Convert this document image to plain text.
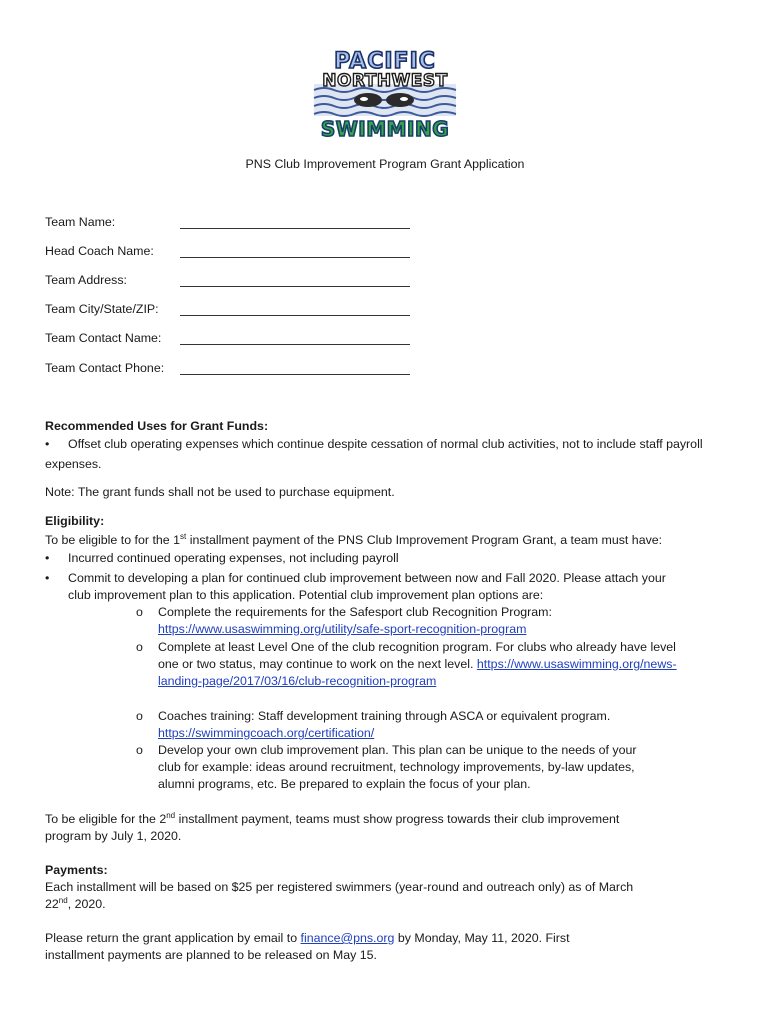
PACIFIC
NORTHWEST
SWIMMING
PNS Club Improvement Program Grant Application
Team Name:
Head Coach Name:
Team Address:
Team City/State/ZIP:
Team Contact Name:
Team Contact Phone:
Recommended Uses for Grant Funds:
• Offset club operating expenses which continue despite cessation of normal club activities, not to include staff payroll
expenses.
Note: The grant funds shall not be used to purchase equipment.
Eligibility:
To be eligible to for the 1st installment payment of the PNS Club Improvement Program Grant, a team must have:
• Incurred continued operating expenses, not including payroll
• Commit to developing a plan for continued club improvement between now and Fall 2020. Please attach your club improvement plan to this application. Potential club improvement plan options are:
o Complete the requirements for the Safesport club Recognition Program:
https://www.usaswimming.org/utility/safe-sport-recognition-program
o Complete at least Level One of the club recognition program. For clubs who already have level one or two status, may continue to work on the next level. https://www.usaswimming.org/news-landing-page/2017/03/16/club-recognition-program
o Coaches training: Staff development training through ASCA or equivalent program.
https://swimmingcoach.org/certification/
o Develop your own club improvement plan. This plan can be unique to the needs of your club for example: ideas around recruitment, technology improvements, by-law updates, alumni programs, etc. Be prepared to explain the focus of your plan.
To be eligible for the 2nd installment payment, teams must show progress towards their club improvement program by July 1, 2020.
Payments:
Each installment will be based on $25 per registered swimmers (year-round and outreach only) as of March 22nd, 2020.
Please return the grant application by email to finance@pns.org by Monday, May 11, 2020. First installment payments are planned to be released on May 15.
